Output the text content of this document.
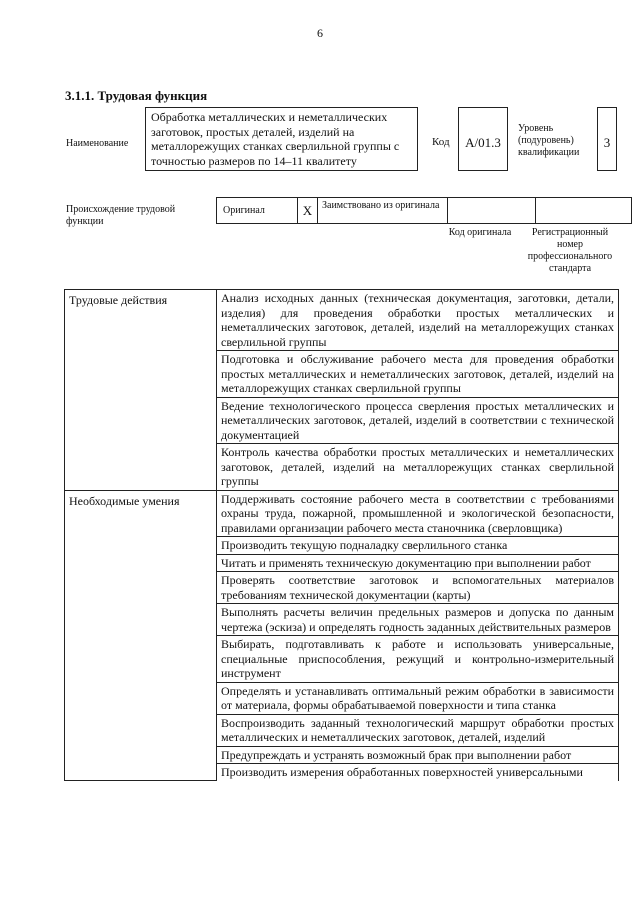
6
3.1.1. Трудовая функция
Наименование
Обработка металлических и неметаллических заготовок, простых деталей, изделий на металлорежущих станках сверлильной группы с точностью размеров по 14–11 квалитету
Код	А/01.3
Уровень (подуровень) квалификации
3
Происхождение трудовой функции
Оригинал	X Заимствовано из оригинала
Код оригинала	Регистрационный номер профессионального стандарта
Трудовые действия	Анализ исходных данных (техническая документация, заготовки, детали, изделия) для проведения обработки простых металлических и неметаллических заготовок, деталей, изделий на металлорежущих станках сверлильной группы
	Подготовка и обслуживание рабочего места для проведения обработки простых металлических и неметаллических заготовок, деталей, изделий на металлорежущих станках сверлильной группы
	Ведение технологического процесса сверления простых металлических и неметаллических заготовок, деталей, изделий в соответствии с технической документацией
	Контроль качества обработки простых металлических и неметаллических заготовок, деталей, изделий на металлорежущих станках сверлильной группы
Необходимые умения	Поддерживать состояние рабочего места в соответствии с требованиями охраны труда, пожарной, промышленной и экологической безопасности, правилами организации рабочего места станочника (сверловщика)
	Производить текущую подналадку сверлильного станка
	Читать и применять техническую документацию при выполнении работ
	Проверять соответствие заготовок и вспомогательных материалов требованиям технической документации (карты)
	Выполнять расчеты величин предельных размеров и допуска по данным чертежа (эскиза) и определять годность заданных действительных размеров
	Выбирать, подготавливать к работе и использовать универсальные, специальные приспособления, режущий и контрольно-измерительный инструмент
	Определять и устанавливать оптимальный режим обработки в зависимости от материала, формы обрабатываемой поверхности и типа станка
	Воспроизводить заданный технологический маршрут обработки простых металлических и неметаллических заготовок, деталей, изделий
	Предупреждать и устранять возможный брак при выполнении работ
	Производить измерения обработанных поверхностей универсальными
